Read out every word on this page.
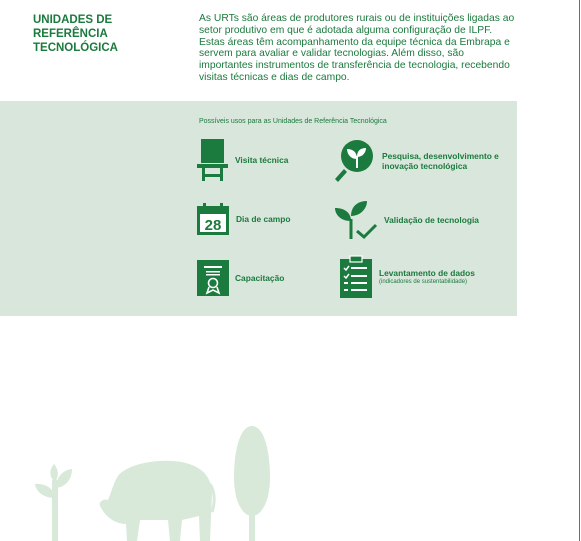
UNIDADES DE
REFERÊNCIA
TECNOLÓGICA

As URTs são áreas de produtores rurais ou de instituições ligadas ao setor produtivo em que é adotada alguma configuração de ILPF. Estas áreas têm acompanhamento da equipe técnica da Embrapa e servem para avaliar e validar tecnologias. Além disso, são importantes instrumentos de transferência de tecnologia, recebendo visitas técnicas e dias de campo.

Possíveis usos para as Unidades de Referência Tecnológica

Visita técnica	Pesquisa, desenvolvimento e inovação tecnológica
28 Dia de campo	Validação de tecnologia
Capacitação	Levantamento de dados
(indicadores de sustentabilidade)
